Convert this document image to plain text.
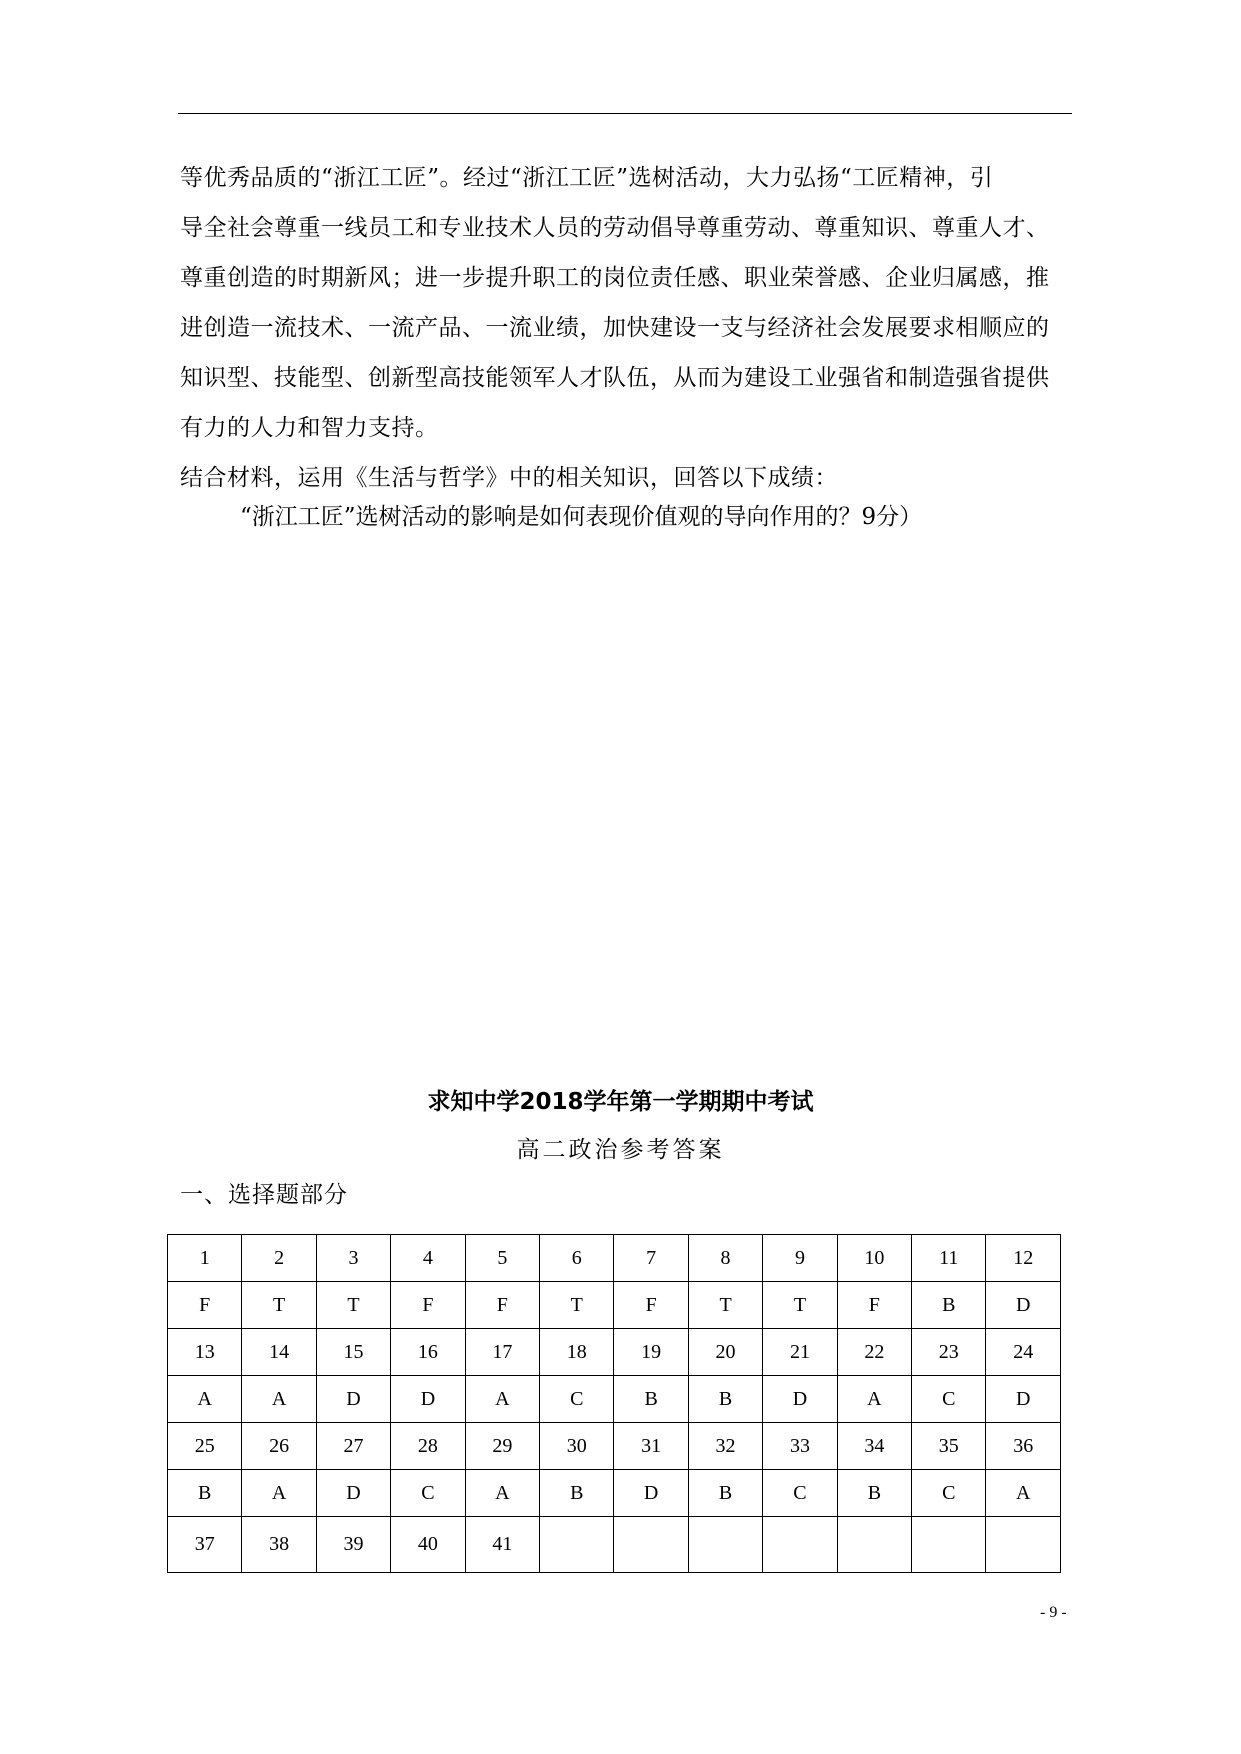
等优秀品质的“浙江工匠”。经过“浙江工匠”选树活动，大力弘扬“工匠精神，引
导全社会尊重一线员工和专业技术人员的劳动倡导尊重劳动、尊重知识、尊重人才、
尊重创造的时期新风；进一步提升职工的岗位责任感、职业荣誉感、企业归属感，推
进创造一流技术、一流产品、一流业绩，加快建设一支与经济社会发展要求相顺应的
知识型、技能型、创新型高技能领军人才队伍，从而为建设工业强省和制造强省提供
有力的人力和智力支持。
结合材料，运用《生活与哲学》中的相关知识，回答以下成绩：
“浙江工匠”选树活动的影响是如何表现价值观的导向作用的？9分）
求知中学2018学年第一学期期中考试
高二政治参考答案
一、选择题部分
1	2	3	4	5	6	7	8	9	10	11	12
F	T	T	F	F	T	F	T	T	F	B	D
13	14	15	16	17	18	19	20	21	22	23	24
A	A	D	D	A	C	B	B	D	A	C	D
25	26	27	28	29	30	31	32	33	34	35	36
B	A	D	C	A	B	D	B	C	B	C	A
37	38	39	40	41							
- 9 -
